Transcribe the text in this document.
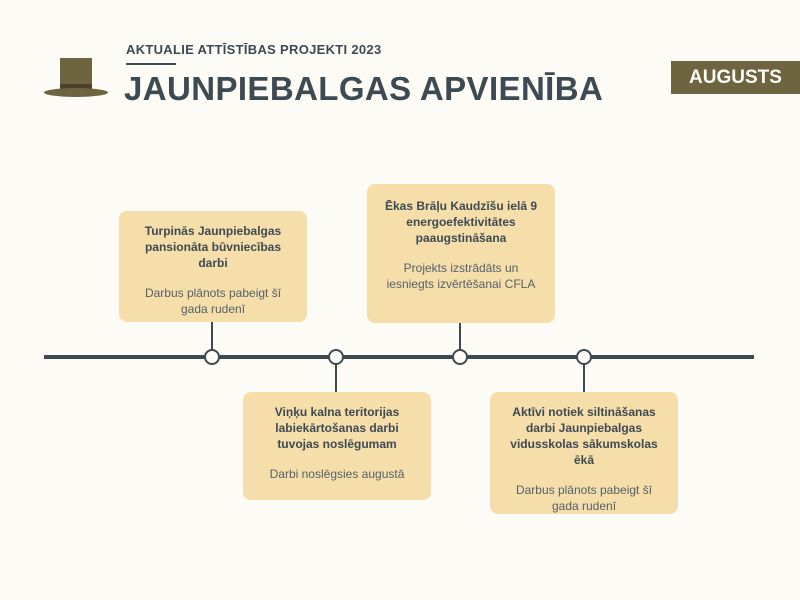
AKTUALIE ATTĪSTĪBAS PROJEKTI 2023
JAUNPIEBALGAS APVIENĪBA	AUGUSTS
Turpinās Jaunpiebalgas pansionāta būvniecības darbi
Darbus plānots pabeigt šī gada rudenī
Viņķu kalna teritorijas labiekārtošanas darbi tuvojas noslēgumam
Darbi noslēgsies augustā
Ēkas Brāļu Kaudzīšu ielā 9 energoefektivitātes paaugstināšana
Projekts izstrādāts un iesniegts izvērtēšanai CFLA
Aktīvi notiek siltināšanas darbi Jaunpiebalgas vidusskolas sākumskolas ēkā
Darbus plānots pabeigt šī gada rudenī
